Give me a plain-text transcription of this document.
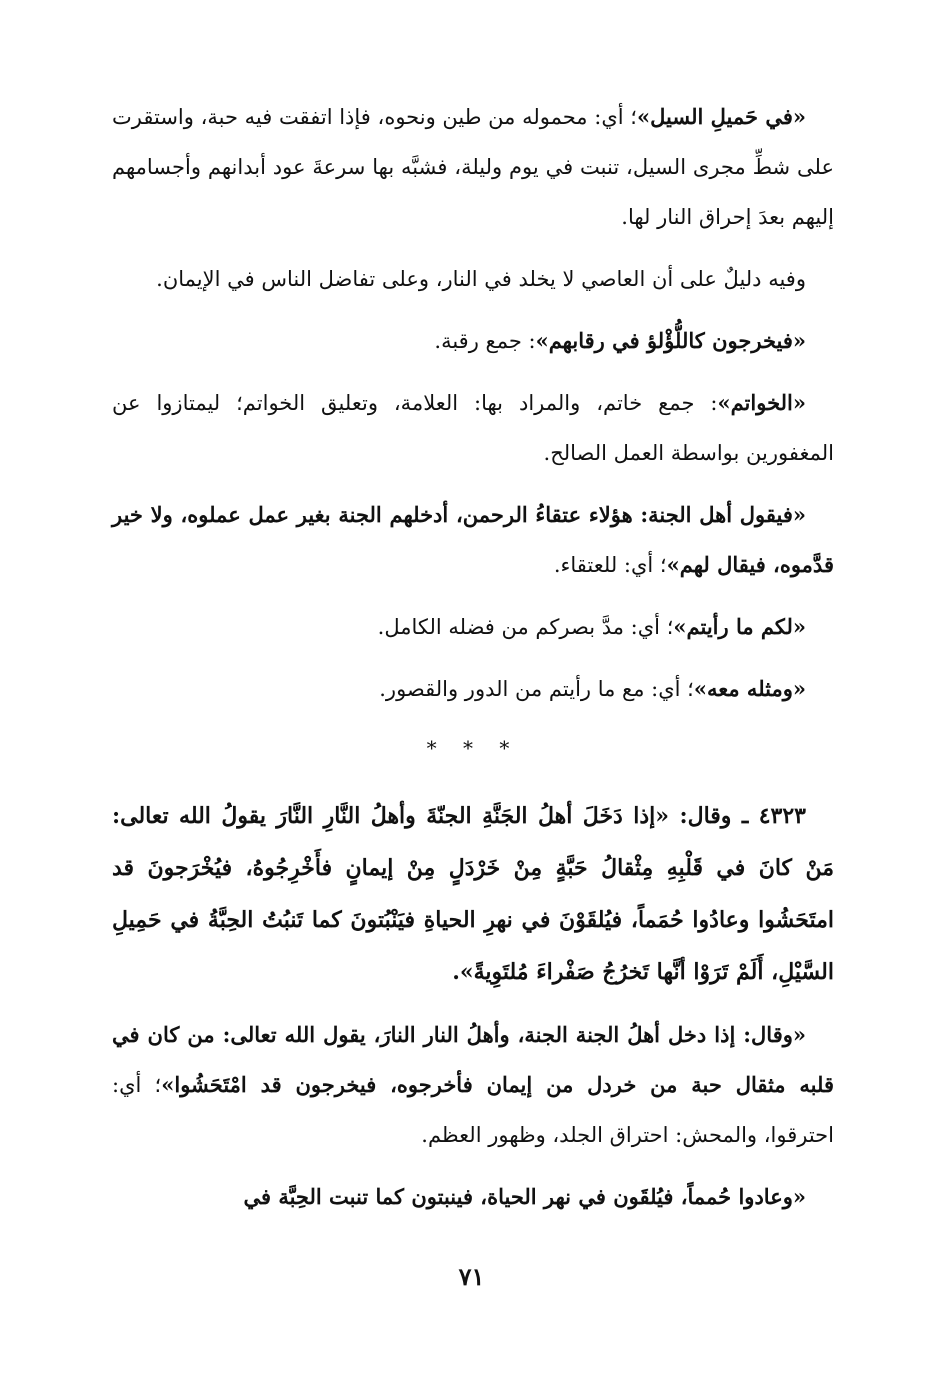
«في حَميلِ السيل»؛ أي: محموله من طين ونحوه، فإذا اتفقت فيه حبة، واستقرت على شطِّ مجرى السيل، تنبت في يوم وليلة، فشبَّه بها سرعةَ عود أبدانهم وأجسامهم إليهم بعدَ إحراق النار لها.

وفيه دليلٌ على أن العاصي لا يخلد في النار، وعلى تفاضل الناس في الإيمان.

«فيخرجون كاللُّؤْلؤ في رقابهم»: جمع رقبة.

«الخواتم»: جمع خاتم، والمراد بها: العلامة، وتعليق الخواتم؛ ليمتازوا عن المغفورين بواسطة العمل الصالح.

«فيقول أهل الجنة: هؤلاء عتقاءُ الرحمن، أدخلهم الجنة بغير عمل عملوه، ولا خير قدَّموه، فيقال لهم»؛ أي: للعتقاء.

«لكم ما رأيتم»؛ أي: مدَّ بصركم من فضله الكامل.

«ومثله معه»؛ أي: مع ما رأيتم من الدور والقصور.

* * *

٤٣٢٣ ـ وقال: «إذا دَخَلَ أهلُ الجَنَّةِ الجنّةَ وأهلُ النَّارِ النَّارَ يقولُ الله تعالى: مَنْ كانَ في قَلْبِهِ مِثْقالُ حَبَّةٍ مِنْ خَرْدَلٍ مِنْ إيمانٍ فأَخْرِجُوهُ، فيُخْرَجونَ قد امتَحَشُوا وعادُوا حُمَماً، فيُلقَوْنَ في نهرِ الحياةِ فيَنْبُتونَ كما تَنبُتُ الحِبَّةُ في حَمِيلِ السَّيْلِ، أَلَمْ تَرَوْا أنَّها تَخرُجُ صَفْراءَ مُلتَوِيةً».

«وقال: إذا دخل أهلُ الجنة الجنة، وأهلُ النار النارَ، يقول الله تعالى: من كان في قلبه مثقال حبة من خردل من إيمان فأخرجوه، فيخرجون قد امْتَحَشُوا»؛ أي: احترقوا، والمحش: احتراق الجلد، وظهور العظم.

«وعادوا حُمماً، فيُلقَون في نهر الحياة، فينبتون كما تنبت الحِبَّة في

٧١
